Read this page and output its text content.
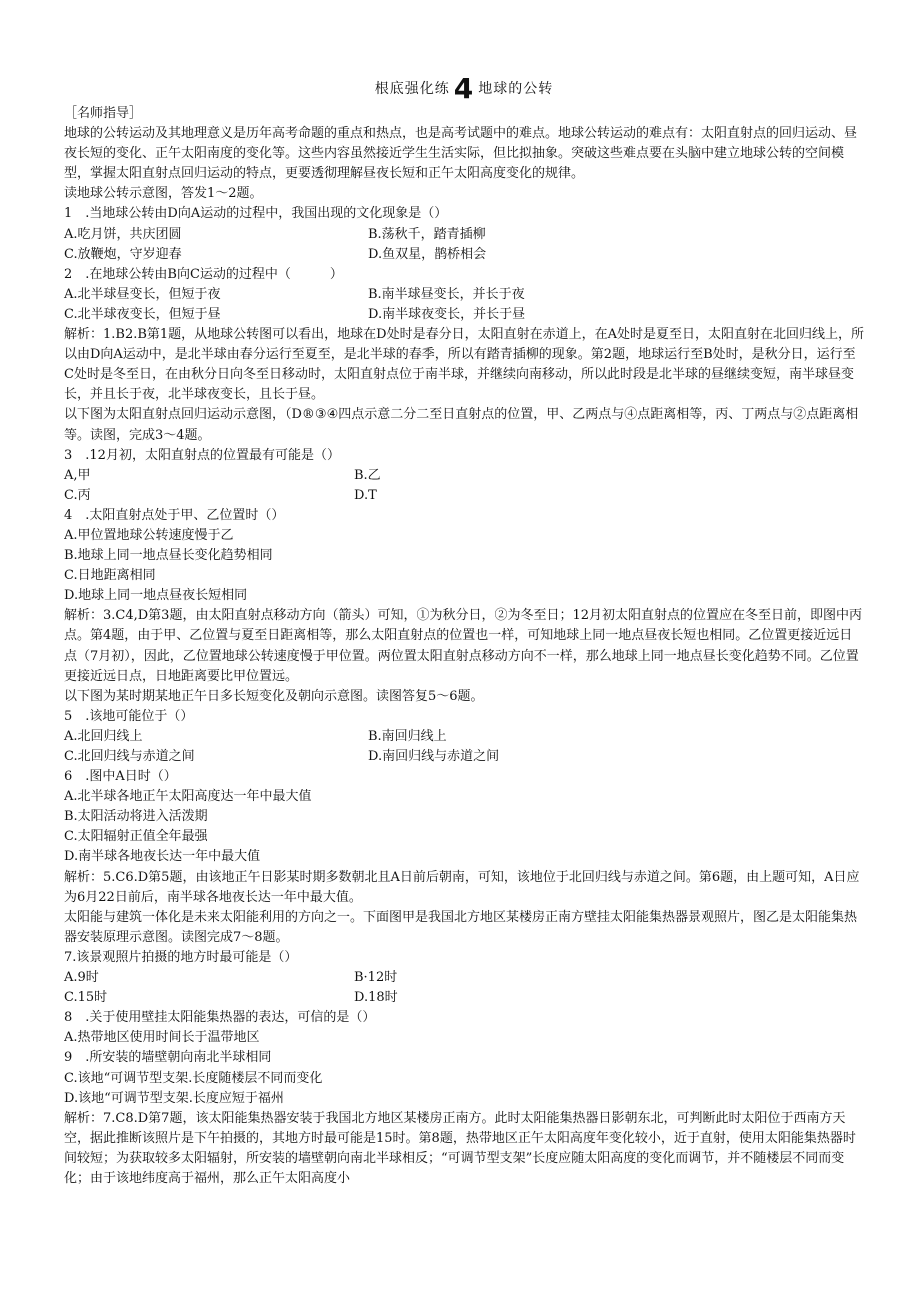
根底强化练 4 地球的公转
［名师指导］
地球的公转运动及其地理意义是历年高考命题的重点和热点，也是高考试题中的难点。地球公转运动的难点有：太阳直射点的回归运动、昼夜长短的变化、正午太阳南度的变化等。这些内容虽然接近学生生活实际，但比拟抽象。突破这些难点要在头脑中建立地球公转的空间模型，掌握太阳直射点回归运动的特点，更要透彻理解昼夜长短和正午太阳高度变化的规律。
读地球公转示意图，答发1～2题。
1　.当地球公转由D向A运动的过程中，我国出现的文化现象是（）
A.吃月饼，共庆团圆	B.荡秋千，踏青插柳
C.放鞭炮，守岁迎春	D.鱼双星，鹊桥相会
2　.在地球公转由B向C运动的过程中（　　　）
A.北半球昼变长，但短于夜	B.南半球昼变长，并长于夜
C.北半球夜变长，但短于昼	D.南半球夜变长，并长于昼
解析：1.B2.B第1题，从地球公转图可以看出，地球在D处时是春分日，太阳直射在赤道上，在A处时是夏至日，太阳直射在北回归线上，所以由D向A运动中，是北半球由春分运行至夏至，是北半球的春季，所以有踏青插柳的现象。第2题，地球运行至B处时，是秋分日，运行至C处时是冬至日，在由秋分日向冬至日移动时，太阳直射点位于南半球，并继续向南移动，所以此时段是北半球的昼继续变短，南半球昼变长，并且长于夜，北半球夜变长，且长于昼。
以下图为太阳直射点回归运动示意图，（D®③④四点示意二分二至日直射点的位置，甲、乙两点与④点距离相等，丙、丁两点与②点距离相等。读图，完成3～4题。
3　.12月初，太阳直射点的位置最有可能是（）
A,甲	B.乙
C.丙	D.T
4　.太阳直射点处于甲、乙位置时（）
A.甲位置地球公转速度慢于乙
B.地球上同一地点昼长变化趋势相同
C.日地距离相同
D.地球上同一地点昼夜长短相同
解析：3.C4,D第3题，由太阳直射点移动方向（箭头）可知，①为秋分日，②为冬至日；12月初太阳直射点的位置应在冬至日前，即图中丙点。第4题，由于甲、乙位置与夏至日距离相等，那么太阳直射点的位置也一样，可知地球上同一地点昼夜长短也相同。乙位置更接近远日点（7月初），因此，乙位置地球公转速度慢于甲位置。两位置太阳直射点移动方向不一样，那么地球上同一地点昼长变化趋势不同。乙位置更接近远日点，日地距离要比甲位置远。
以下图为某时期某地正午日多长短变化及朝向示意图。读图答复5～6题。
5　.该地可能位于（）
A.北回归线上	B.南回归线上
C.北回归线与赤道之间	D.南回归线与赤道之间
6　.图中A日时（）
A.北半球各地正午太阳高度达一年中最大值
B.太阳活动将进入活泼期
C.太阳辐射正值全年最强
D.南半球各地夜长达一年中最大值
解析：5.C6.D第5题，由该地正午日影某时期多数朝北且A日前后朝南，可知，该地位于北回归线与赤道之间。第6题，由上题可知，A日应为6月22日前后，南半球各地夜长达一年中最大值。
太阳能与建筑一体化是未来太阳能利用的方向之一。下面图甲是我国北方地区某楼房正南方壁挂太阳能集热器景观照片，图乙是太阳能集热器安装原理示意图。读图完成7～8题。
7.该景观照片拍摄的地方时最可能是（）
A.9时	B·12时
C.15时	D.18时
8　.关于使用壁挂太阳能集热器的表达，可信的是（）
A.热带地区使用时间长于温带地区
9　.所安装的墙壁朝向南北半球相同
C.该地“可调节型支架.长度随楼层不同而变化
D.该地“可调节型支架.长度应短于福州
解析：7.C8.D第7题，该太阳能集热器安装于我国北方地区某楼房正南方。此时太阳能集热器日影朝东北，可判断此时太阳位于西南方天空，据此推断该照片是下午拍摄的，其地方时最可能是15时。第8题，热带地区正午太阳高度年变化较小，近于直射，使用太阳能集热器时间较短；为获取较多太阳辐射，所安装的墙壁朝向南北半球相反；“可调节型支架”长度应随太阳高度的变化而调节，并不随楼层不同而变化；由于该地纬度高于福州，那么正午太阳高度小
